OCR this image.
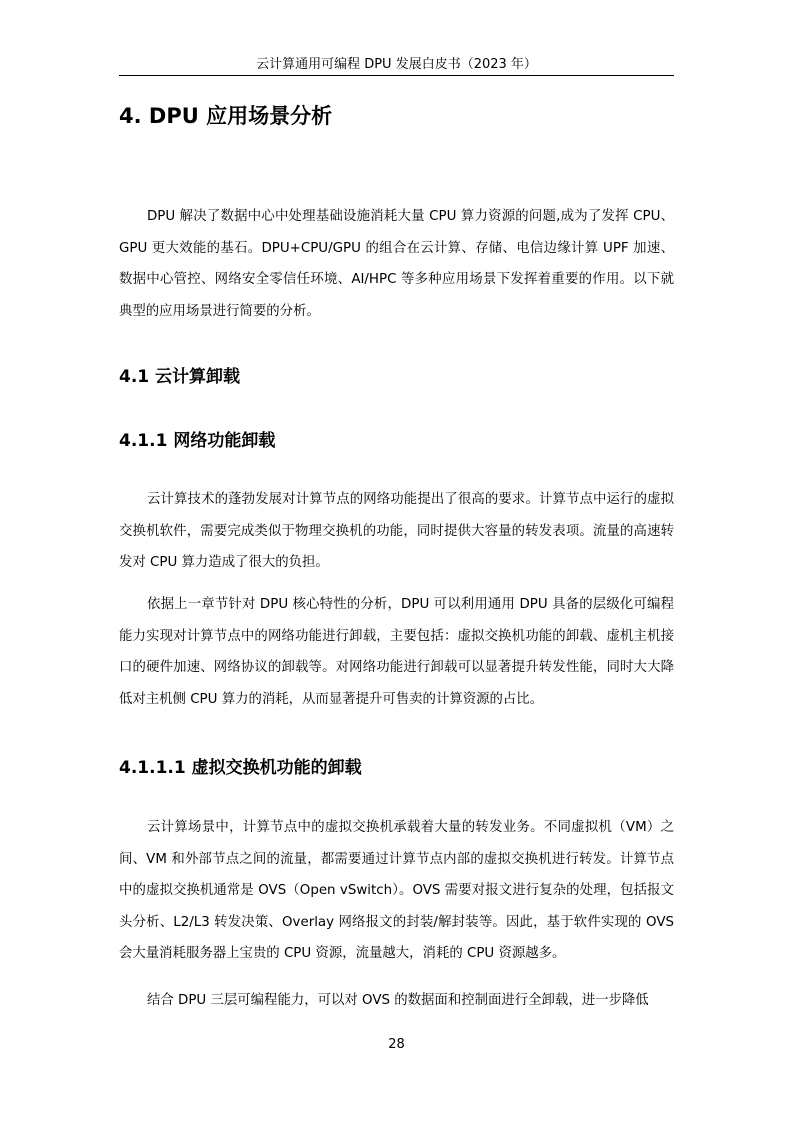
云计算通用可编程 DPU 发展白皮书（2023 年）
4. DPU 应用场景分析

DPU 解决了数据中心中处理基础设施消耗大量 CPU 算力资源的问题,成为了发挥 CPU、GPU 更大效能的基石。DPU+CPU/GPU 的组合在云计算、存储、电信边缘计算 UPF 加速、数据中心管控、网络安全零信任环境、AI/HPC 等多种应用场景下发挥着重要的作用。以下就典型的应用场景进行简要的分析。

4.1 云计算卸载
4.1.1 网络功能卸载

云计算技术的蓬勃发展对计算节点的网络功能提出了很高的要求。计算节点中运行的虚拟交换机软件，需要完成类似于物理交换机的功能，同时提供大容量的转发表项。流量的高速转发对 CPU 算力造成了很大的负担。

依据上一章节针对 DPU 核心特性的分析，DPU 可以利用通用 DPU 具备的层级化可编程能力实现对计算节点中的网络功能进行卸载，主要包括：虚拟交换机功能的卸载、虚机主机接口的硬件加速、网络协议的卸载等。对网络功能进行卸载可以显著提升转发性能，同时大大降低对主机侧 CPU 算力的消耗，从而显著提升可售卖的计算资源的占比。

4.1.1.1 虚拟交换机功能的卸载

云计算场景中，计算节点中的虚拟交换机承载着大量的转发业务。不同虚拟机（VM）之间、VM 和外部节点之间的流量，都需要通过计算节点内部的虚拟交换机进行转发。计算节点中的虚拟交换机通常是 OVS（Open vSwitch）。OVS 需要对报文进行复杂的处理，包括报文头分析、L2/L3 转发决策、Overlay 网络报文的封装/解封装等。因此，基于软件实现的 OVS 会大量消耗服务器上宝贵的 CPU 资源，流量越大，消耗的 CPU 资源越多。

结合 DPU 三层可编程能力，可以对 OVS 的数据面和控制面进行全卸载，进一步降低

28
